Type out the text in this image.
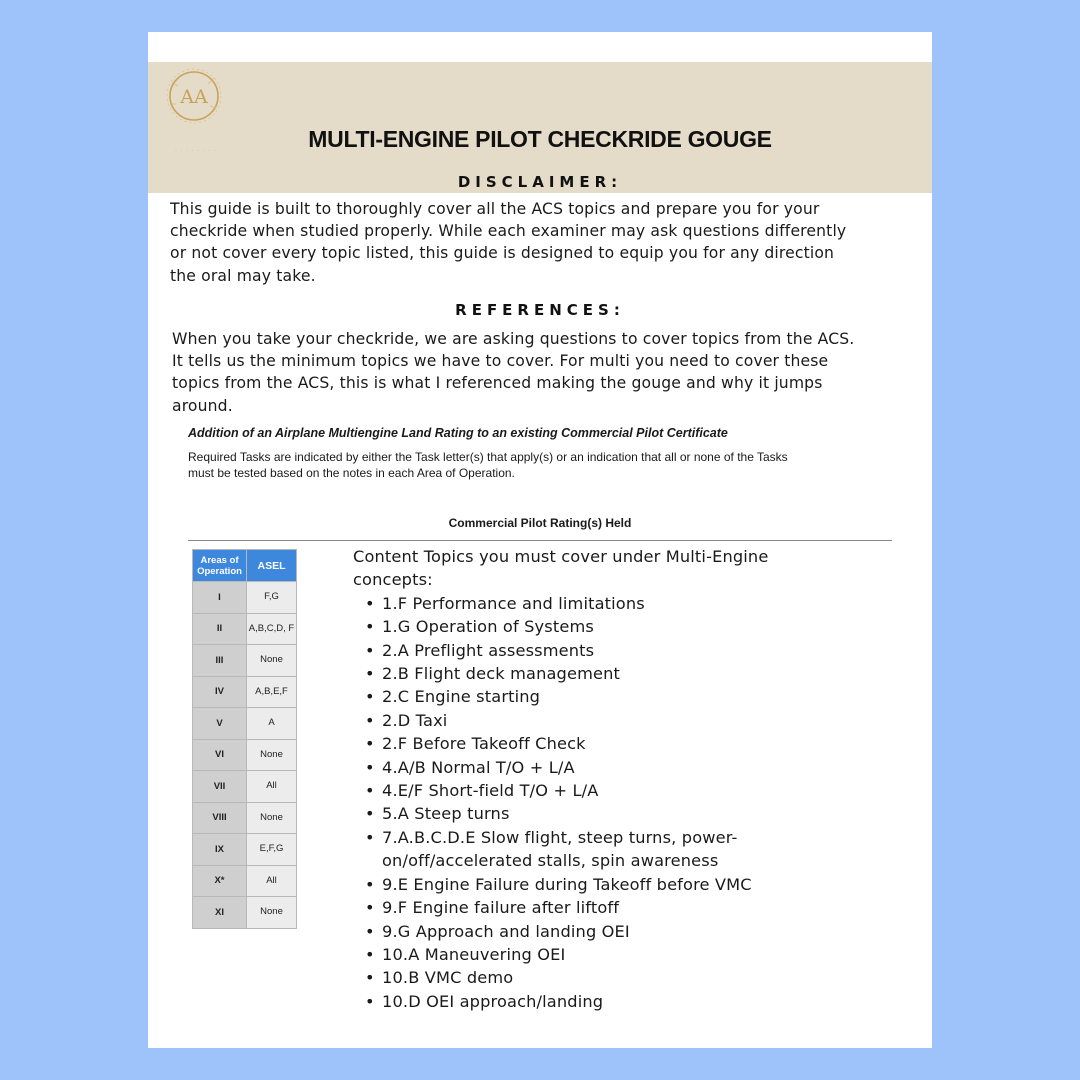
AA
· · · · · · · ·	MULTI-ENGINE PILOT CHECKRIDE GOUGE
DISCLAIMER:
This guide is built to thoroughly cover all the ACS topics and prepare you for your
checkride when studied properly. While each examiner may ask questions differently
or not cover every topic listed, this guide is designed to equip you for any direction
the oral may take.
REFERENCES:
When you take your checkride, we are asking questions to cover topics from the ACS.
It tells us the minimum topics we have to cover. For multi you need to cover these
topics from the ACS, this is what I referenced making the gouge and why it jumps
around.
Addition of an Airplane Multiengine Land Rating to an existing Commercial Pilot Certificate
Required Tasks are indicated by either the Task letter(s) that apply(s) or an indication that all or none of the Tasks
must be tested based on the notes in each Area of Operation.
Commercial Pilot Rating(s) Held
Areas of Operation	ASEL
I	F,G
II	A,B,C,D, F
III	None
IV	A,B,E,F
V	A
VI	None
VII	All
VIII	None
IX	E,F,G
X*	All
XI	None
Content Topics you must cover under Multi-Engine
concepts:
• 1.F Performance and limitations
• 1.G Operation of Systems
• 2.A Preflight assessments
• 2.B Flight deck management
• 2.C Engine starting
• 2.D Taxi
• 2.F Before Takeoff Check
• 4.A/B Normal T/O + L/A
• 4.E/F Short-field T/O + L/A
• 5.A Steep turns
• 7.A.B.C.D.E Slow flight, steep turns, power-
on/off/accelerated stalls, spin awareness
• 9.E Engine Failure during Takeoff before VMC
• 9.F Engine failure after liftoff
• 9.G Approach and landing OEI
• 10.A Maneuvering OEI
• 10.B VMC demo
• 10.D OEI approach/landing
